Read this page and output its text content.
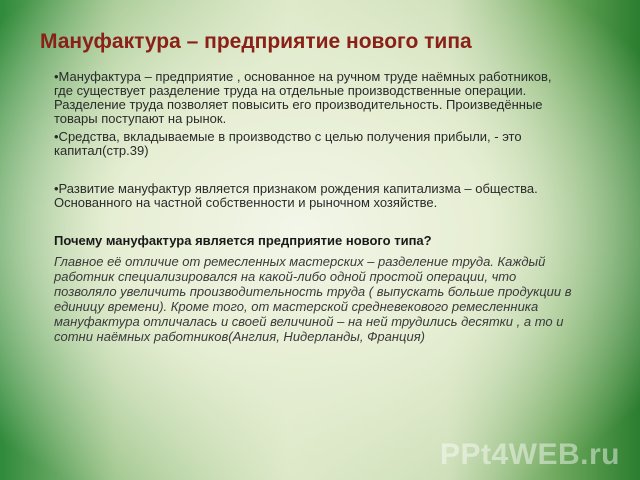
Мануфактура – предприятие нового типа

•Мануфактура – предприятие , основанное на ручном труде наёмных работников, где существует разделение труда на отдельные производственные операции. Разделение труда позволяет повысить его производительность. Произведённые товары поступают на рынок.

•Средства, вкладываемые в производство с целью получения прибыли, - это капитал(стр.39)

•Развитие мануфактур является признаком рождения капитализма – общества. Основанного на частной собственности и рыночном хозяйстве.

Почему мануфактура является предприятие нового типа?

Главное её отличие от ремесленных мастерских – разделение труда. Каждый работник специализировался на какой-либо одной простой операции, что позволяло увеличить производительность труда ( выпускать больше продукции в единицу времени). Кроме того, от мастерской средневекового ремесленника мануфактура отличалась и своей величиной – на ней трудились десятки , а то и сотни наёмных работников(Англия, Нидерланды, Франция)

PPt4WEB.ru
